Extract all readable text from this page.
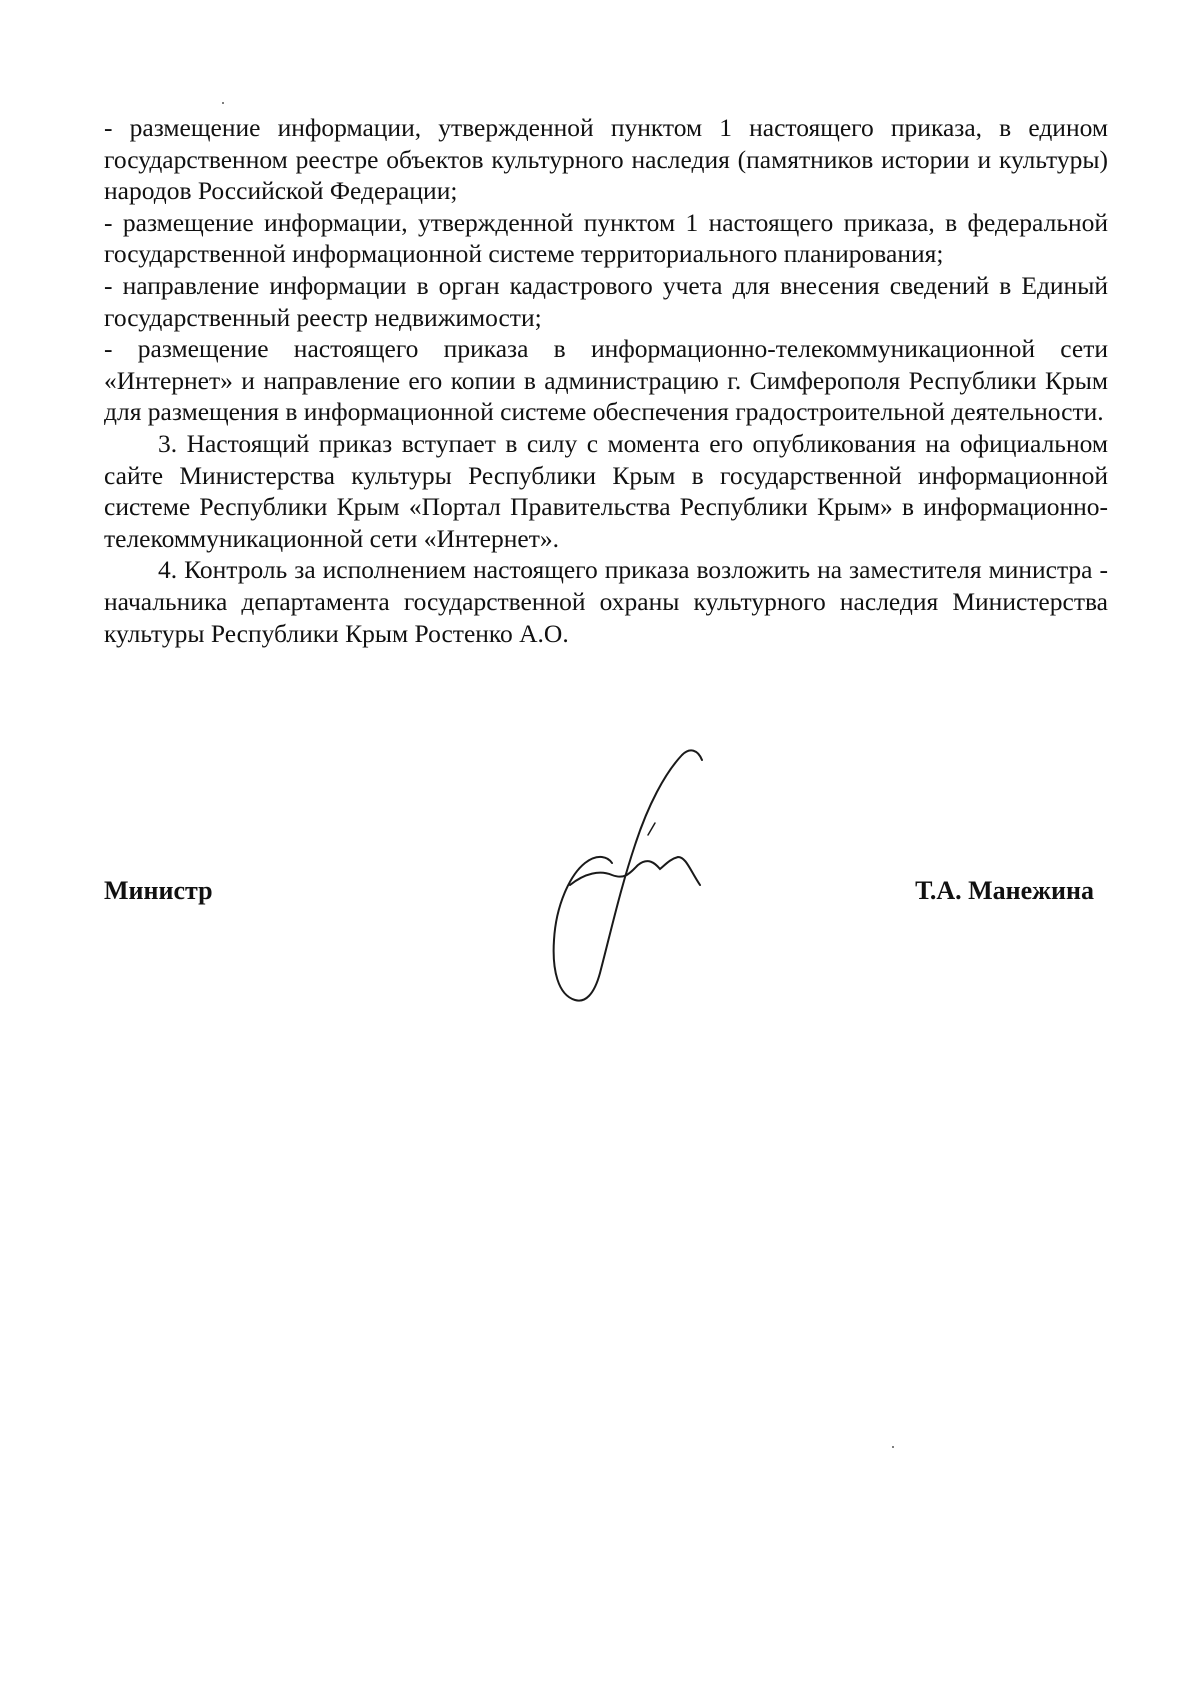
- размещение информации, утвержденной пунктом 1 настоящего приказа, в едином государственном реестре объектов культурного наследия (памятников истории и культуры) народов Российской Федерации;

- размещение информации, утвержденной пунктом 1 настоящего приказа, в федеральной государственной информационной системе территориального планирования;

- направление информации в орган кадастрового учета для внесения сведений в Единый государственный реестр недвижимости;

- размещение настоящего приказа в информационно-телекоммуникационной сети «Интернет» и направление его копии в администрацию г. Симферополя Республики Крым для размещения в информационной системе обеспечения градостроительной деятельности.

3. Настоящий приказ вступает в силу с момента его опубликования на официальном сайте Министерства культуры Республики Крым в государственной информационной системе Республики Крым «Портал Правительства Республики Крым» в информационно-телекоммуникационной сети «Интернет».

4. Контроль за исполнением настоящего приказа возложить на заместителя министра - начальника департамента государственной охраны культурного наследия Министерства культуры Республики Крым Ростенко А.О.

Министр	Т.А. Манежина
